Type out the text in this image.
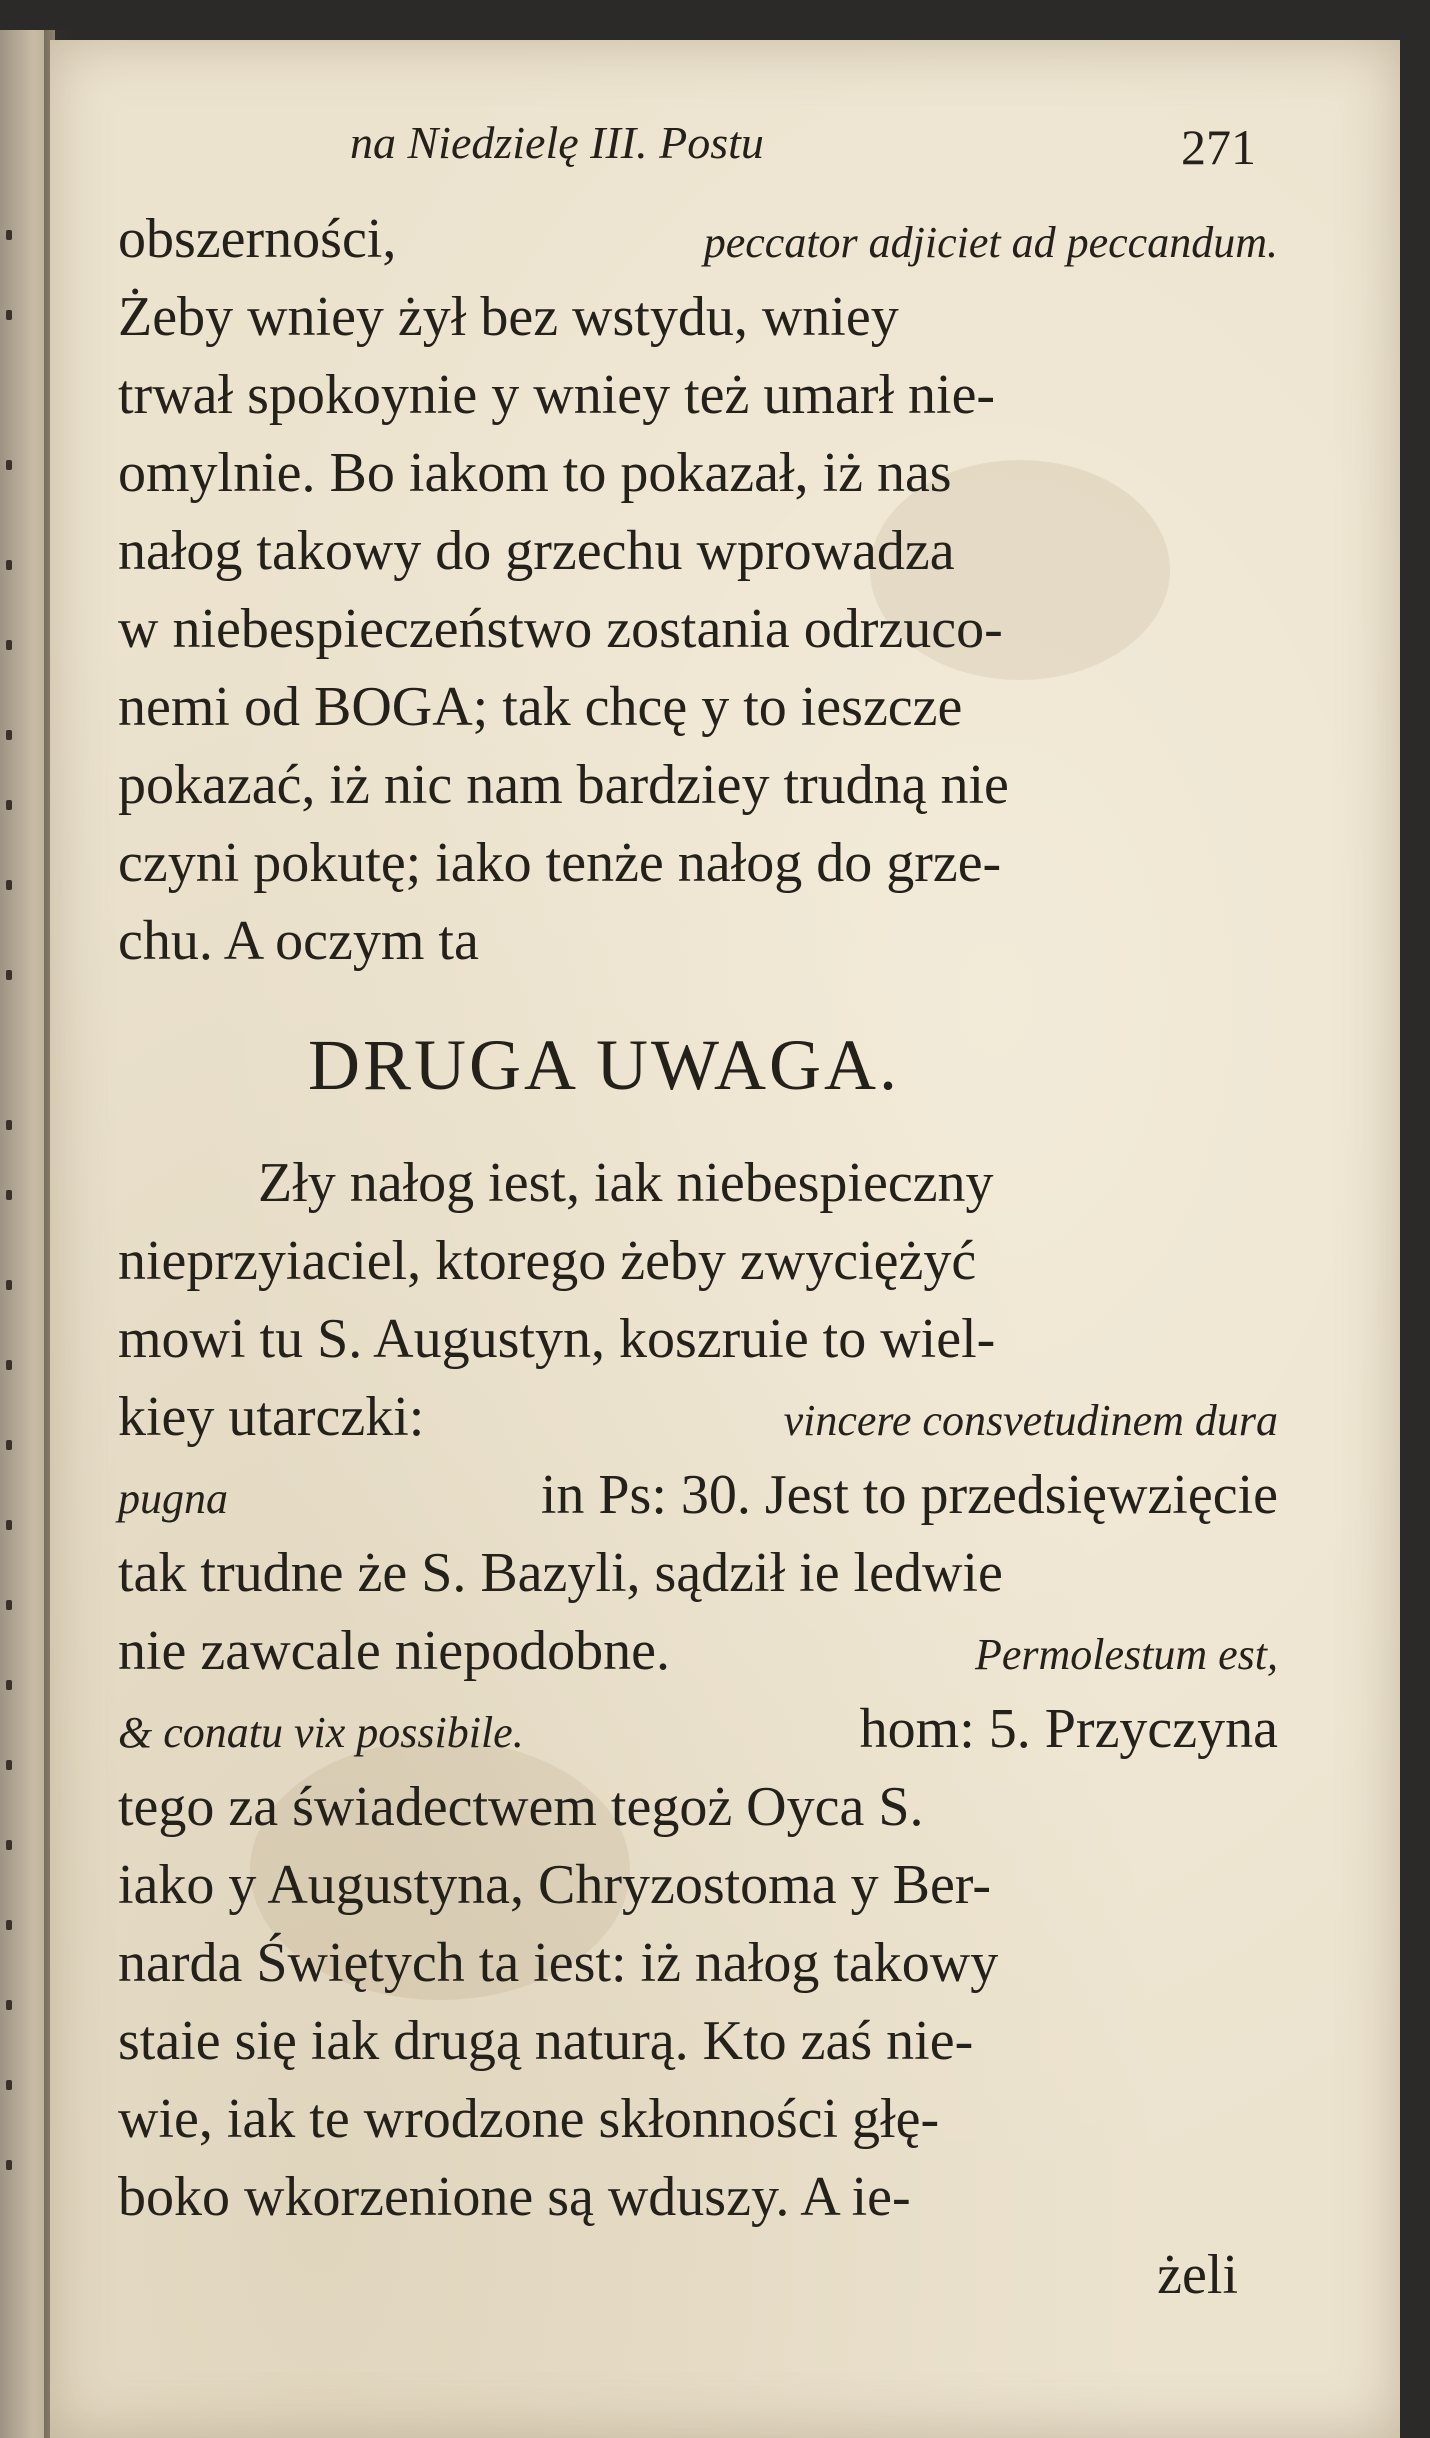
na Niedzielę III. Postu	271
obszerności,	peccator adjiciet ad peccandum.
Żeby wniey żył bez wstydu, wniey
trwał spokoynie y wniey też umarł nie-
omylnie. Bo iakom to pokazał, iż nas
nałog takowy do grzechu wprowadza
w niebespieczeństwo zostania odrzuco-
nemi od BOGA; tak chcę y to ieszcze
pokazać, iż nic nam bardziey trudną nie
czyni pokutę; iako tenże nałog do grze-
chu. A oczym ta
DRUGA UWAGA.
Zły nałog iest, iak niebespieczny
nieprzyiaciel, ktorego żeby zwyciężyć
mowi tu S. Augustyn, koszruie to wiel-
kiey utarczki:	vincere consvetudinem dura
pugna	in Ps: 30. Jest to przedsięwzięcie
tak trudne że S. Bazyli, sądził ie ledwie
nie zawcale niepodobne.	Permolestum est,
& conatu vix possibile.	hom: 5. Przyczyna
tego za świadectwem tegoż Oyca S.
iako y Augustyna, Chryzostoma y Ber-
narda Świętych ta iest: iż nałog takowy
staie się iak drugą naturą. Kto zaś nie-
wie, iak te wrodzone skłonności głę-
boko wkorzenione są wduszy. A ie-
żeli
